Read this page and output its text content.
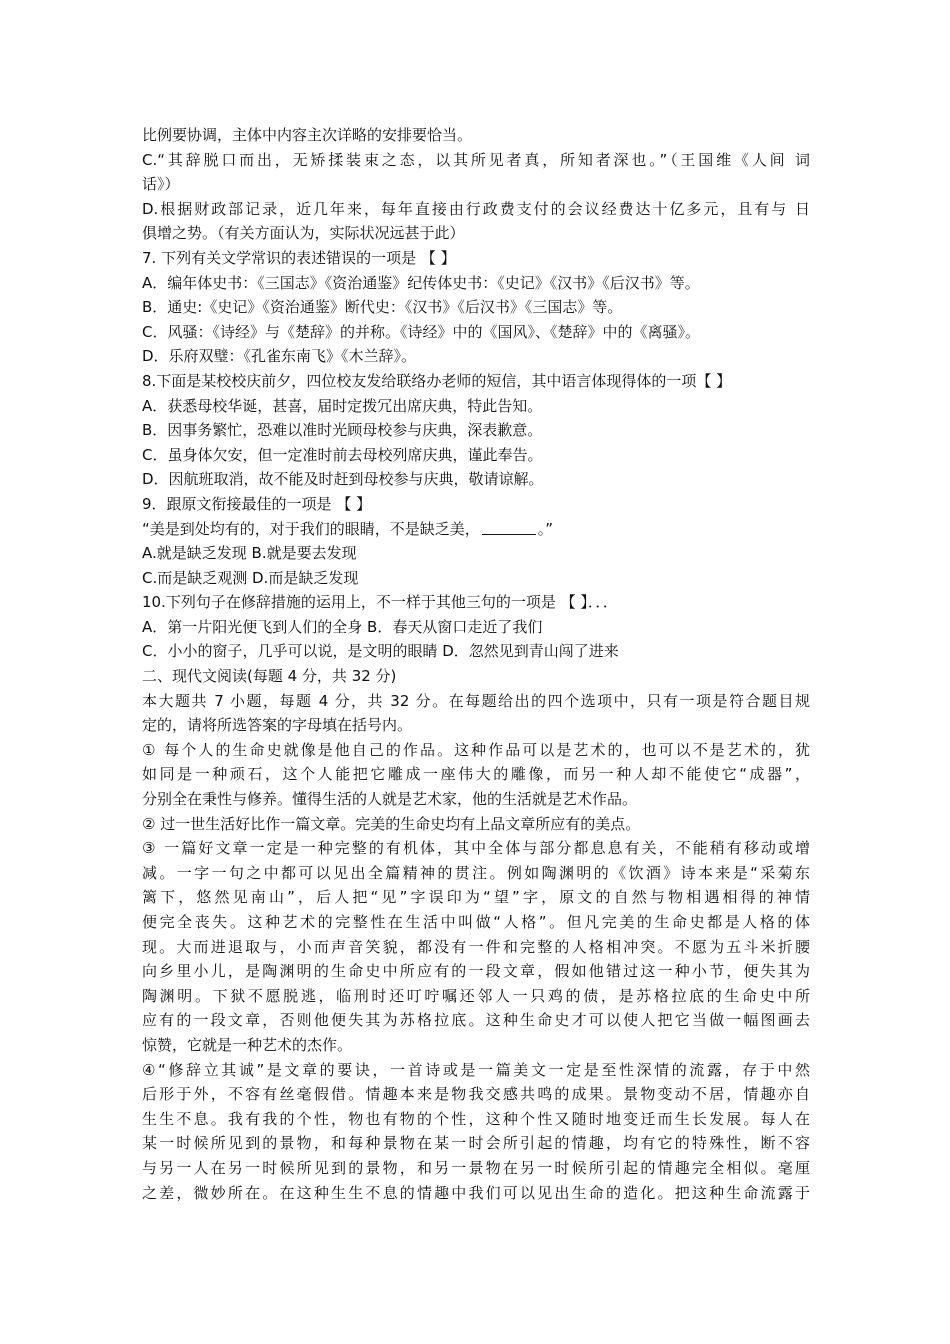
比例要协调，主体中内容主次详略的安排要恰当。
C.“其辞脱口而出，无矫揉装束之态，以其所见者真，所知者深也。”（王国维《人间 词
话》）
D.根据财政部记录，近几年来，每年直接由行政费支付的会议经费达十亿多元，且有与 日
俱增之势。（有关方面认为，实际状况远甚于此）
7. 下列有关文学常识的表述错误的一项是 【 】
A．编年体史书：《三国志》《资治通鉴》纪传体史书：《史记》《汉书》《后汉书》等。
B．通史:《史记》《资治通鉴》断代史：《汉书》《后汉书》《三国志》等。
C．风骚：《诗经》与《楚辞》的并称。《诗经》中的《国风》、《楚辞》中的《离骚》。
D．乐府双璧：《孔雀东南飞》《木兰辞》。
8.下面是某校校庆前夕，四位校友发给联络办老师的短信，其中语言体现得体的一项【 】
A．获悉母校华诞，甚喜，届时定拨冗出席庆典，特此告知。
B．因事务繁忙，恐难以准时光顾母校参与庆典，深表歉意。
C．虽身体欠安，但一定准时前去母校列席庆典，谨此奉告。
D．因航班取消，故不能及时赶到母校参与庆典，敬请谅解。
9．跟原文衔接最佳的一项是 【 】
“美是到处均有的，对于我们的眼睛，不是缺乏美，	。”
A.就是缺乏发现 B.就是要去发现
C.而是缺乏观测 D.而是缺乏发现
10.下列句子在修辞措施的运用上，不一样于其他三句的一项是 【 】．．．
A．第一片阳光便飞到人们的全身 B．春天从窗口走近了我们
C．小小的窗子，几乎可以说，是文明的眼睛 D．忽然见到青山闯了进来
二、现代文阅读(每题 4 分，共 32 分)
本大题共 7 小题，每题 4 分，共 32 分。在每题给出的四个选项中，只有一项是符合题目规
定的，请将所选答案的字母填在括号内。
① 每个人的生命史就像是他自己的作品。这种作品可以是艺术的，也可以不是艺术的，犹
如同是一种顽石，这个人能把它雕成一座伟大的雕像，而另一种人却不能使它“成器”，
分别全在秉性与修养。懂得生活的人就是艺术家，他的生活就是艺术作品。
② 过一世生活好比作一篇文章。完美的生命史均有上品文章所应有的美点。
③ 一篇好文章一定是一种完整的有机体，其中全体与部分都息息有关，不能稍有移动或增
减。一字一句之中都可以见出全篇精神的贯注。例如陶渊明的《饮酒》诗本来是“采菊东
篱下，悠然见南山”，后人把“见”字误印为“望”字，原文的自然与物相遇相得的神情
便完全丧失。这种艺术的完整性在生活中叫做“人格”。但凡完美的生命史都是人格的体
现。大而进退取与，小而声音笑貌，都没有一件和完整的人格相冲突。不愿为五斗米折腰
向乡里小儿，是陶渊明的生命史中所应有的一段文章，假如他错过这一种小节，便失其为
陶渊明。下狱不愿脱逃，临刑时还叮咛嘱还邻人一只鸡的债，是苏格拉底的生命史中所
应有的一段文章，否则他便失其为苏格拉底。这种生命史才可以使人把它当做一幅图画去
惊赞，它就是一种艺术的杰作。
④“修辞立其诚”是文章的要诀，一首诗或是一篇美文一定是至性深情的流露，存于中然
后形于外，不容有丝毫假借。情趣本来是物我交感共鸣的成果。景物变动不居，情趣亦自
生生不息。我有我的个性，物也有物的个性，这种个性又随时地变迁而生长发展。每人在
某一时候所见到的景物，和每种景物在某一时会所引起的情趣，均有它的特殊性，断不容
与另一人在另一时候所见到的景物，和另一景物在另一时候所引起的情趣完全相似。毫厘
之差，微妙所在。在这种生生不息的情趣中我们可以见出生命的造化。把这种生命流露于
